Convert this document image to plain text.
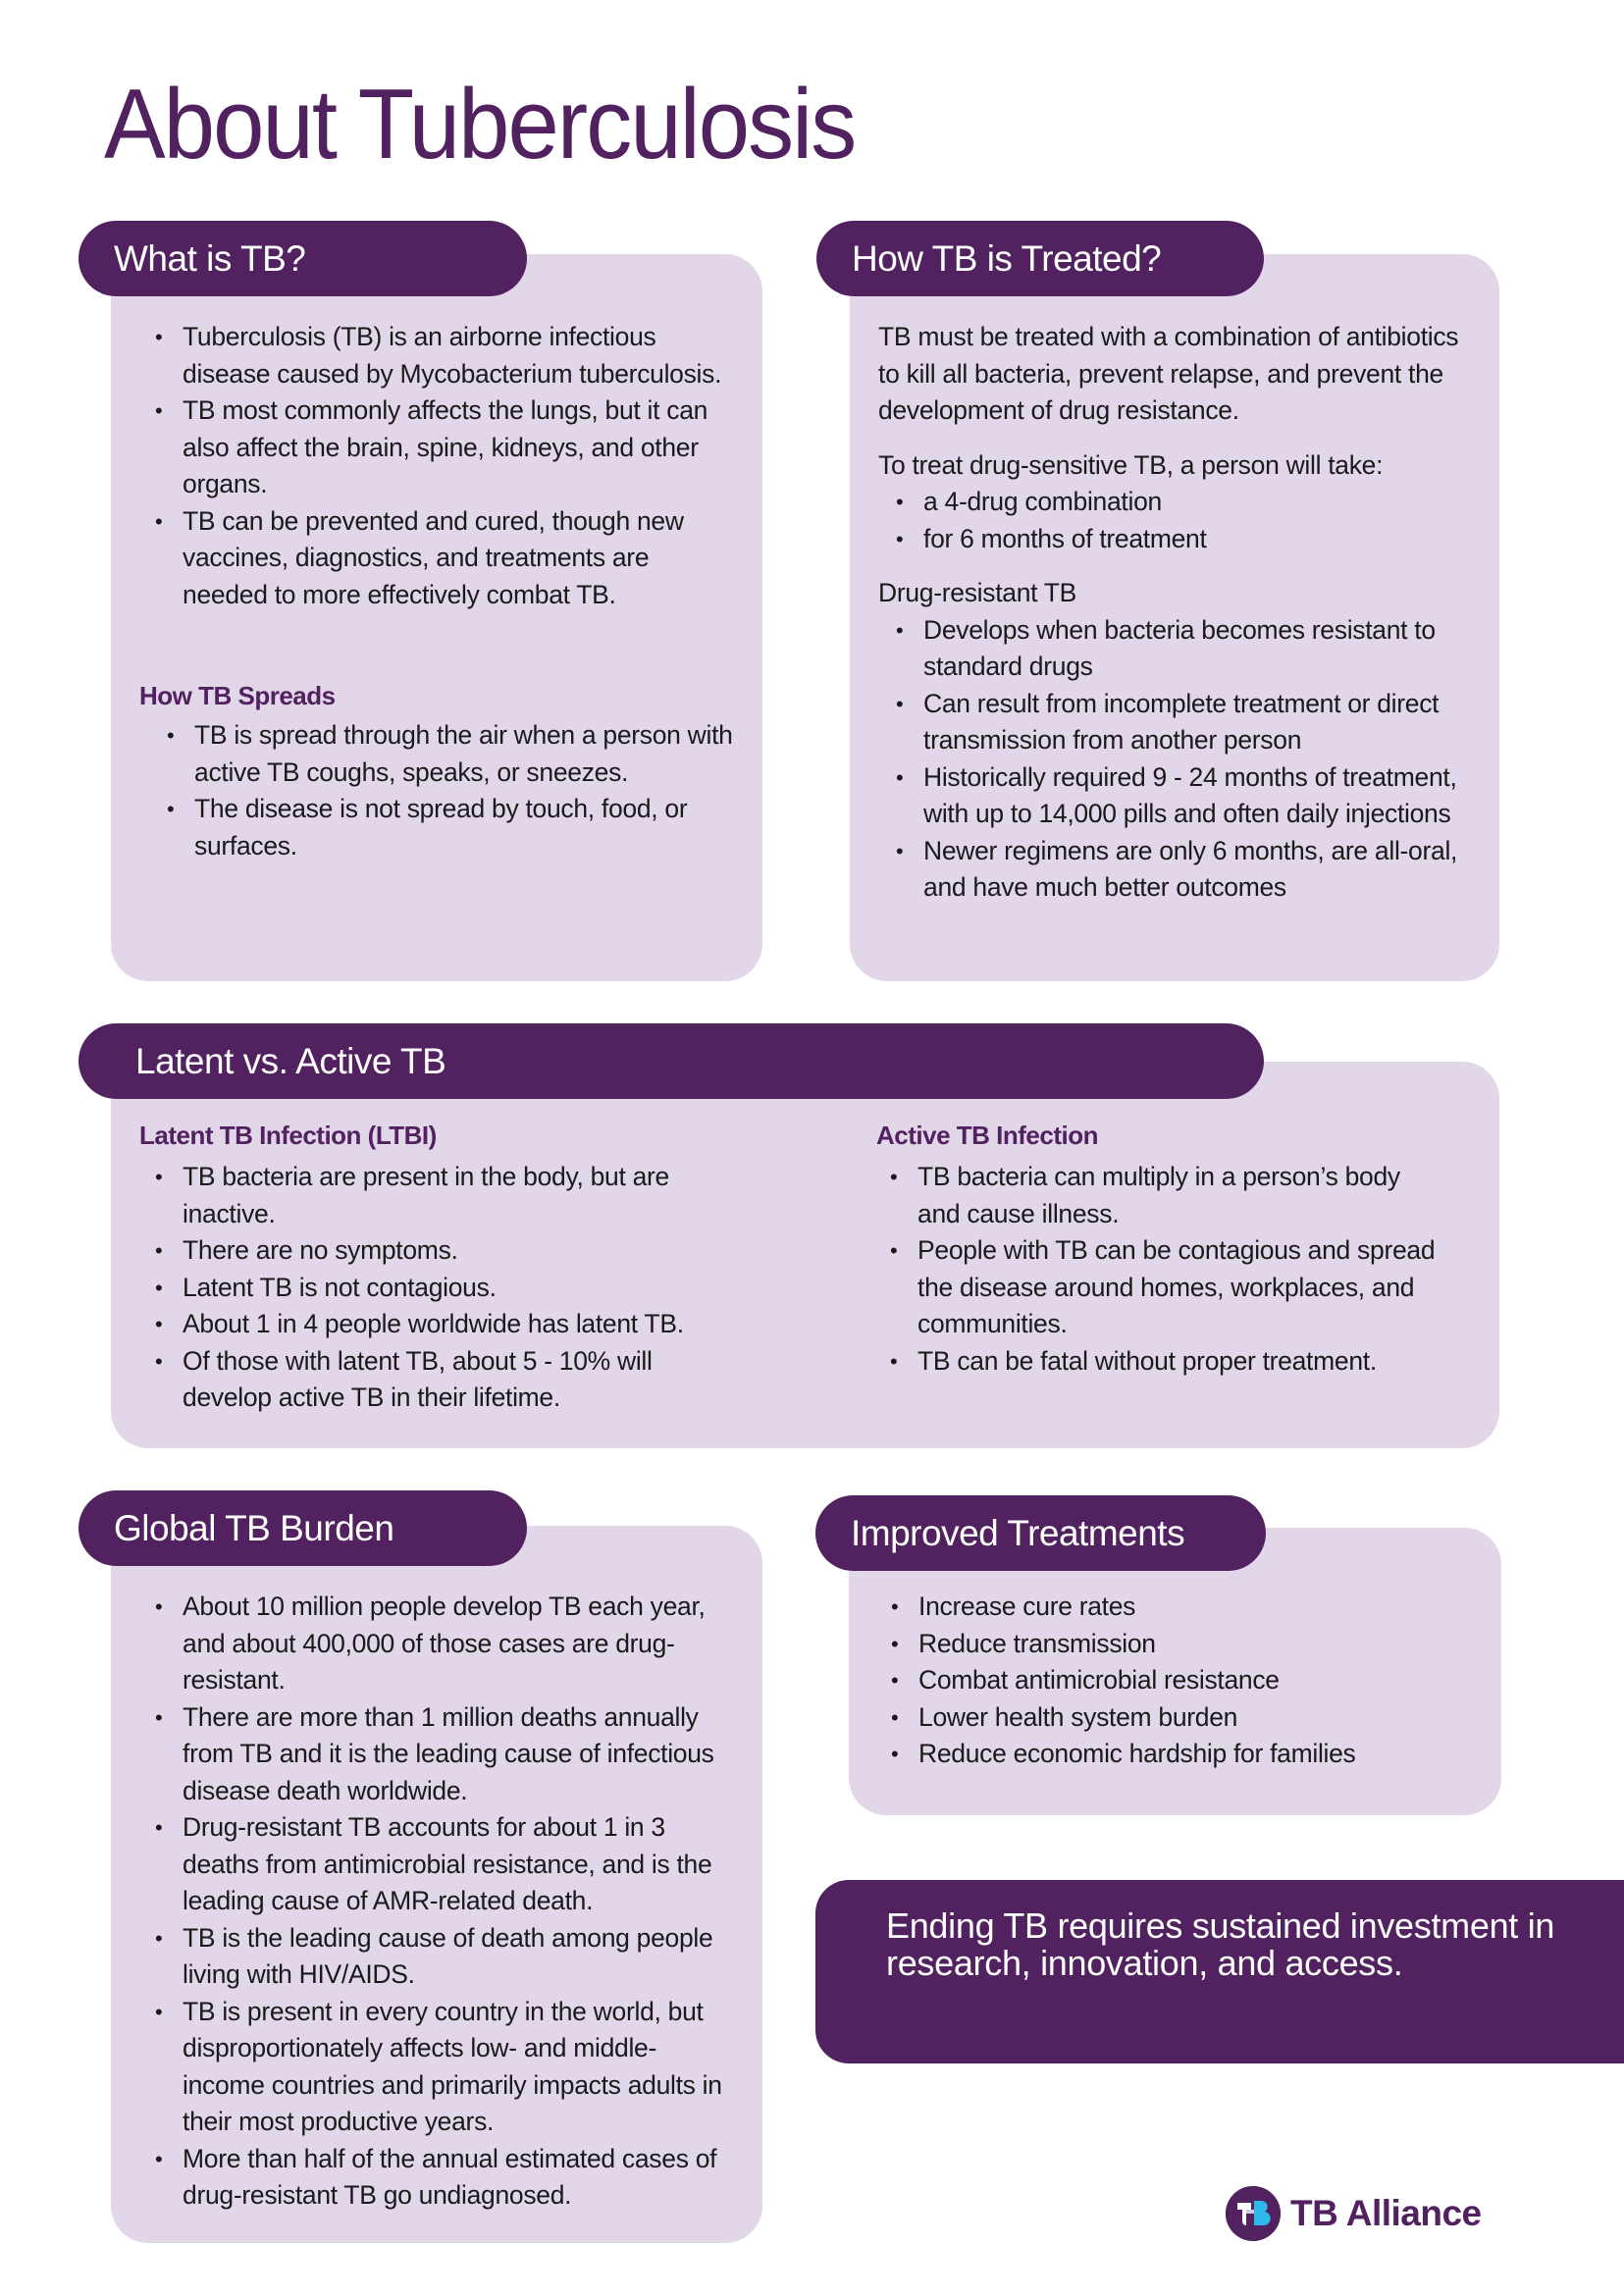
About Tuberculosis
What is TB?
• Tuberculosis (TB) is an airborne infectious disease caused by Mycobacterium tuberculosis.
• TB most commonly affects the lungs, but it can also affect the brain, spine, kidneys, and other organs.
• TB can be prevented and cured, though new vaccines, diagnostics, and treatments are needed to more effectively combat TB.
How TB Spreads
• TB is spread through the air when a person with active TB coughs, speaks, or sneezes.
• The disease is not spread by touch, food, or surfaces.
How TB is Treated?

TB must be treated with a combination of antibiotics to kill all bacteria, prevent relapse, and prevent the development of drug resistance.

To treat drug-sensitive TB, a person will take:

• a 4-drug combination
• for 6 months of treatment

Drug-resistant TB

• Develops when bacteria becomes resistant to standard drugs
• Can result from incomplete treatment or direct transmission from another person
• Historically required 9 - 24 months of treatment, with up to 14,000 pills and often daily injections
• Newer regimens are only 6 months, are all-oral, and have much better outcomes
Latent vs. Active TB
Latent TB Infection (LTBI)
• TB bacteria are present in the body, but are inactive.
• There are no symptoms.
• Latent TB is not contagious.
• About 1 in 4 people worldwide has latent TB.
• Of those with latent TB, about 5 - 10% will develop active TB in their lifetime.
Active TB Infection
• TB bacteria can multiply in a person’s body and cause illness.
• People with TB can be contagious and spread the disease around homes, workplaces, and communities.
• TB can be fatal without proper treatment.
Global TB Burden
• About 10 million people develop TB each year, and about 400,000 of those cases are drug-resistant.
• There are more than 1 million deaths annually from TB and it is the leading cause of infectious disease death worldwide.
• Drug-resistant TB accounts for about 1 in 3 deaths from antimicrobial resistance, and is the leading cause of AMR-related death.
• TB is the leading cause of death among people living with HIV/AIDS.
• TB is present in every country in the world, but disproportionately affects low- and middle-income countries and primarily impacts adults in their most productive years.
• More than half of the annual estimated cases of drug-resistant TB go undiagnosed.
Improved Treatments
• Increase cure rates
• Reduce transmission
• Combat antimicrobial resistance
• Lower health system burden
• Reduce economic hardship for families
Ending TB requires sustained investment in research, innovation, and access.
TB Alliance
